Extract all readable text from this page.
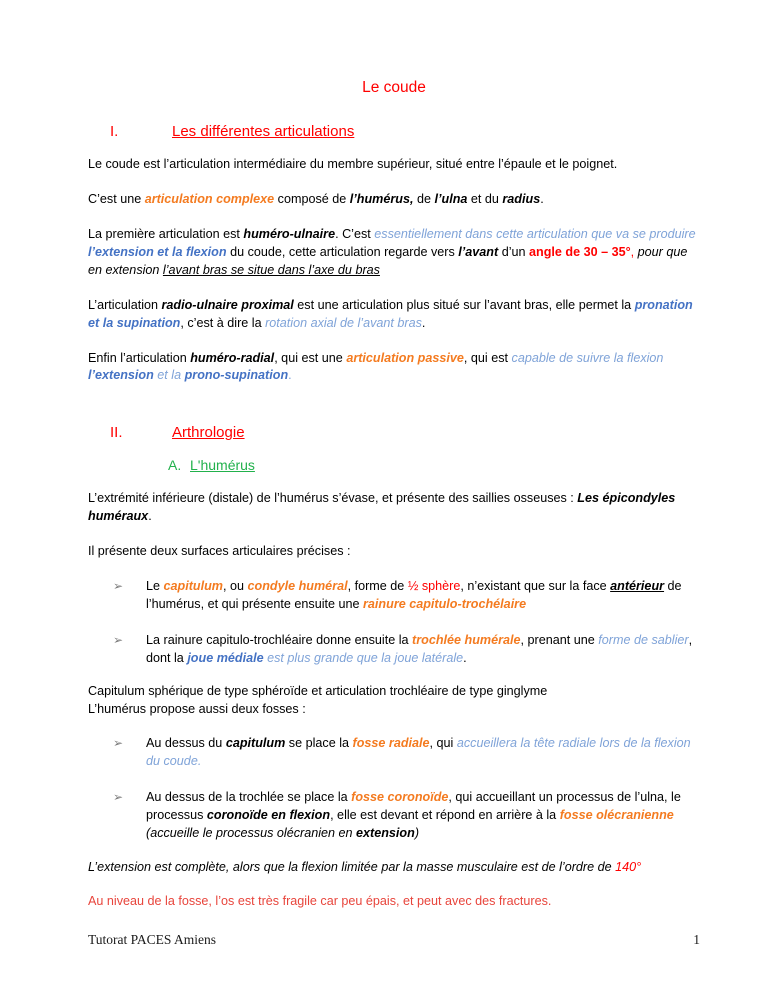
Le coude
I.	Les différentes articulations

Le coude est l’articulation intermédiaire du membre supérieur, situé entre l’épaule et le poignet.

C’est une articulation complexe composé de l’humérus, de l’ulna et du radius.

La première articulation est huméro-ulnaire. C’est essentiellement dans cette articulation que va se produire l’extension et la flexion du coude, cette articulation regarde vers l’avant d’un angle de 30 – 35°, pour que en extension l’avant bras se situe dans l’axe du bras

L’articulation radio-ulnaire proximal est une articulation plus situé sur l’avant bras, elle permet la pronation et la supination, c’est à dire la rotation axial de l’avant bras.

Enfin l’articulation huméro-radial, qui est une articulation passive, qui est capable de suivre la flexion l’extension et la prono-supination.

II.	Arthrologie
A. L'humérus

L’extrémité inférieure (distale) de l’humérus s’évase, et présente des saillies osseuses : Les épicondyles huméraux.

Il présente deux surfaces articulaires précises :

➢ Le capitulum, ou condyle huméral, forme de ½ sphère, n’existant que sur la face antérieur de l’humérus, et qui présente ensuite une rainure capitulo-trochélaire
➢ La rainure capitulo-trochléaire donne ensuite la trochlée humérale, prenant une forme de sablier, dont la joue médiale est plus grande que la joue latérale.

Capitulum sphérique de type sphéroïde et articulation trochléaire de type ginglyme
L’humérus propose aussi deux fosses :

➢ Au dessus du capitulum se place la fosse radiale, qui accueillera la tête radiale lors de la flexion du coude.
➢ Au dessus de la trochlée se place la fosse coronoïde, qui accueillant un processus de l’ulna, le processus coronoïde en flexion, elle est devant et répond en arrière à la fosse olécranienne (accueille le processus olécranien en extension)

L’extension est complète, alors que la flexion limitée par la masse musculaire est de l’ordre de 140°

Au niveau de la fosse, l’os est très fragile car peu épais, et peut avec des fractures.

Tutorat PACES Amiens	1
